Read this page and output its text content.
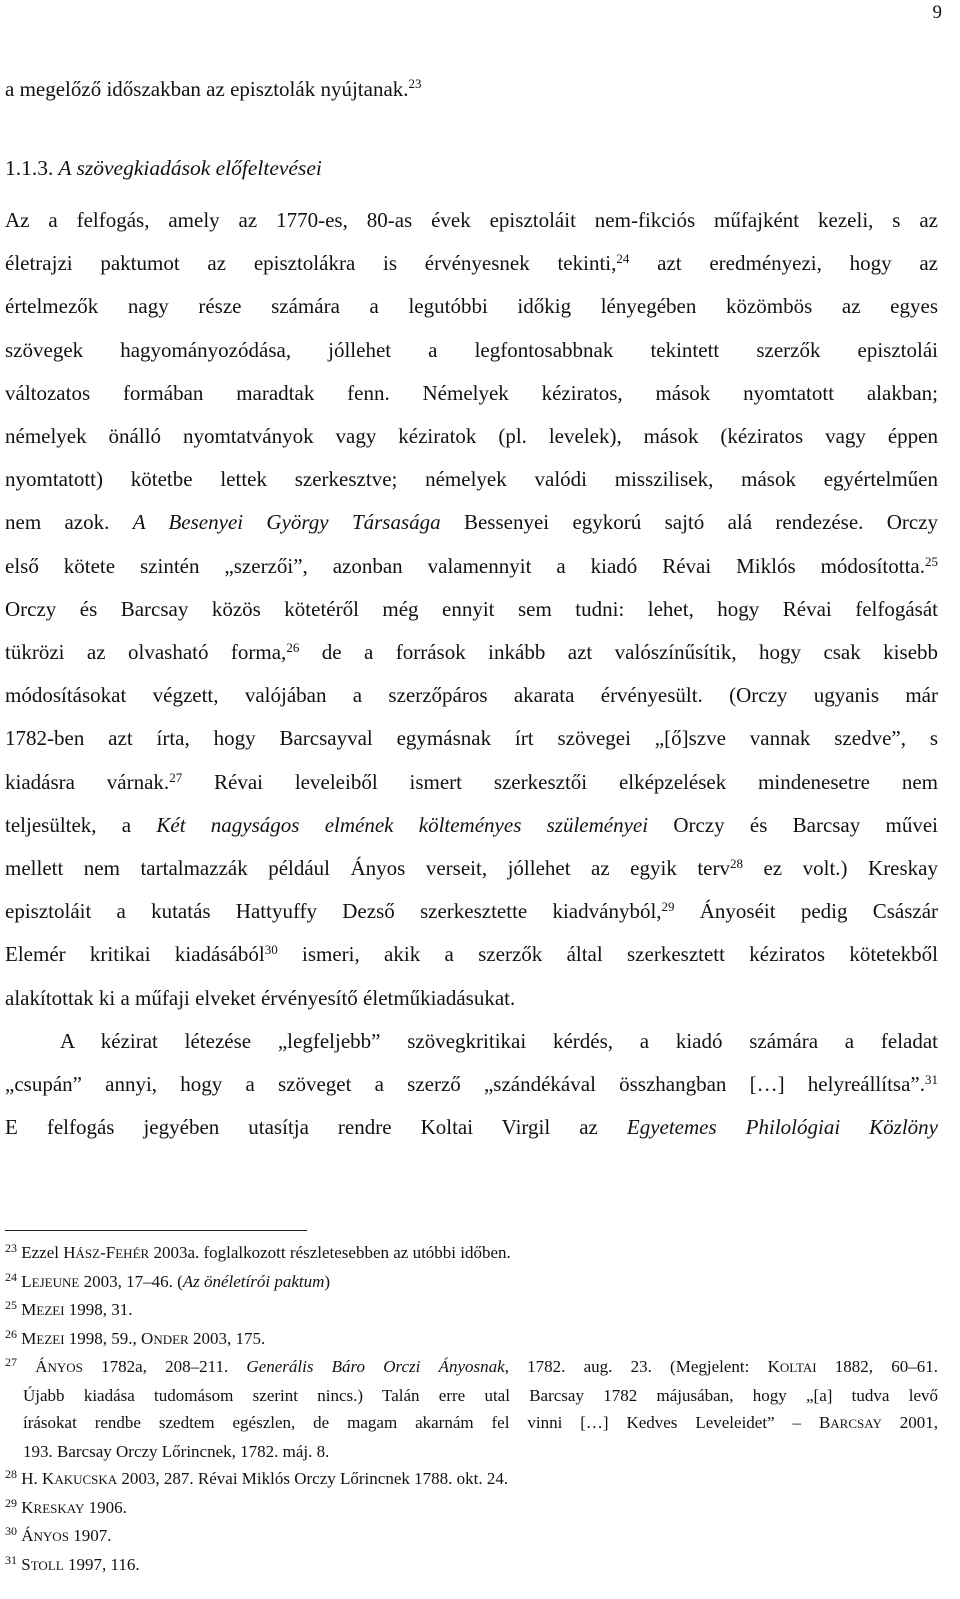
9
a megelőző időszakban az episztolák nyújtanak.$^{23}$
1.1.3. A szövegkiadások előfeltevései
Az a felfogás, amely az 1770-es, 80-as évek episztoláit nem-fikciós műfajként kezeli, s az
életrajzi paktumot az episztolákra is érvényesnek tekinti,$^{24}$ azt eredményezi, hogy az
értelmezők nagy része számára a legutóbbi időkig lényegében közömbös az egyes
szövegek hagyományozódása, jóllehet a legfontosabbnak tekintett szerzők episztolái
változatos formában maradtak fenn. Némelyek kéziratos, mások nyomtatott alakban;
némelyek önálló nyomtatványok vagy kéziratok (pl. levelek), mások (kéziratos vagy éppen
nyomtatott) kötetbe lettek szerkesztve; némelyek valódi misszilisek, mások egyértelműen
nem azok. A Besenyei György Társasága Bessenyei egykorú sajtó alá rendezése. Orczy
első kötete szintén „szerzői”, azonban valamennyit a kiadó Révai Miklós módosította.$^{25}$
Orczy és Barcsay közös kötetéről még ennyit sem tudni: lehet, hogy Révai felfogását
tükrözi az olvasható forma,$^{26}$ de a források inkább azt valószínűsítik, hogy csak kisebb
módosításokat végzett, valójában a szerzőpáros akarata érvényesült. (Orczy ugyanis már
1782-ben azt írta, hogy Barcsayval egymásnak írt szövegei „[ő]szve vannak szedve”, s
kiadásra várnak.$^{27}$ Révai leveleiből ismert szerkesztői elképzelések mindenesetre nem
teljesültek, a Két nagyságos elmének költeményes szüleményei Orczy és Barcsay művei
mellett nem tartalmazzák például Ányos verseit, jóllehet az egyik terv$^{28}$ ez volt.) Kreskay
episztoláit a kutatás Hattyuffy Dezső szerkesztette kiadványból,$^{29}$ Ányoséit pedig Császár
Elemér kritikai kiadásából$^{30}$ ismeri, akik a szerzők által szerkesztett kéziratos kötetekből
alakítottak ki a műfaji elveket érvényesítő életműkiadásukat.
A kézirat létezése „legfeljebb” szövegkritikai kérdés, a kiadó számára a feladat
„csupán” annyi, hogy a szöveget a szerző „szándékával összhangban […] helyreállítsa”.$^{31}$
E felfogás jegyében utasítja rendre Koltai Virgil az Egyetemes Philológiai Közlöny
$^{23}$ Ezzel HÁSZ-FEHÉR 2003a. foglalkozott részletesebben az utóbbi időben.
$^{24}$ LEJEUNE 2003, 17–46. (Az önéletírói paktum)
$^{25}$ MEZEI 1998, 31.
$^{26}$ MEZEI 1998, 59., ONDER 2003, 175.
$^{27}$ ÁNYOS 1782a, 208–211. Generális Báro Orczi Ányosnak, 1782. aug. 23. (Megjelent: KOLTAI 1882, 60–61.
Újabb kiadása tudomásom szerint nincs.) Talán erre utal Barcsay 1782 májusában, hogy „[a] tudva levő
írásokat rendbe szedtem egészlen, de magam akarnám fel vinni […] Kedves Leveleidet” – BARCSAY 2001,
193. Barcsay Orczy Lőrincnek, 1782. máj. 8.
$^{28}$ H. KAKUCSKA 2003, 287. Révai Miklós Orczy Lőrincnek 1788. okt. 24.
$^{29}$ KRESKAY 1906.
$^{30}$ ÁNYOS 1907.
$^{31}$ STOLL 1997, 116.
